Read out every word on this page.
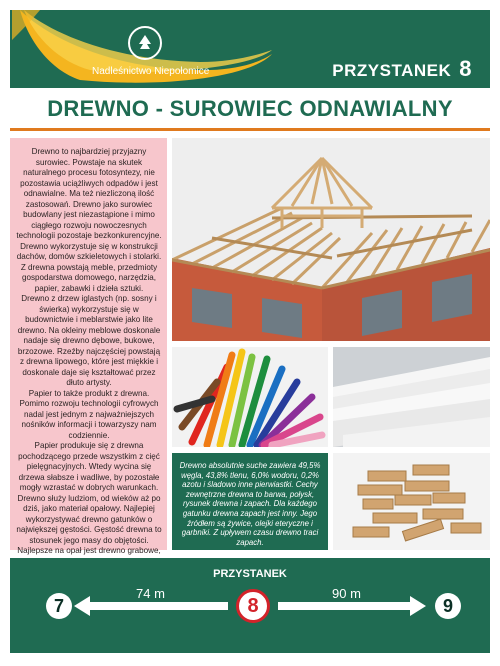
Nadleśnictwo Niepołomice	PRZYSTANEK 8
DREWNO - SUROWIEC ODNAWIALNY

Drewno to najbardziej przyjazny surowiec. Powstaje na skutek naturalnego procesu fotosyntezy, nie pozostawia uciążliwych odpadów i jest odnawialne. Ma też niezliczoną ilość zastosowań. Drewno jako surowiec budowlany jest niezastąpione i mimo ciągłego rozwoju nowoczesnych technologii pozostaje bezkonkurencyjne.

Drewno wykorzystuje się w konstrukcji dachów, domów szkieletowych i stolarki. Z drewna powstają meble, przedmioty gospodarstwa domowego, narzędzia, papier, zabawki i dzieła sztuki.

Drewno z drzew iglastych (np. sosny i świerka) wykorzystuje się w budownictwie i meblarstwie jako lite drewno. Na okleiny meblowe doskonale nadaje się drewno dębowe, bukowe, brzozowe. Rzeźby najczęściej powstają z drewna lipowego, które jest miękkie i doskonale daje się kształtować przez dłuto artysty.

Papier to także produkt z drewna. Pomimo rozwoju technologii cyfrowych nadal jest jednym z najważniejszych nośników informacji i towarzyszy nam codziennie.

Papier produkuje się z drewna pochodzącego przede wszystkim z cięć pielęgnacyjnych. Wtedy wycina się drzewa słabsze i wadliwe, by pozostałe mogły wzrastać w dobrych warunkach.

Drewno służy ludziom, od wieków aż po dziś, jako materiał opałowy. Najlepiej wykorzystywać drewno gatunków o największej gęstości. Gęstość drewna to stosunek jego masy do objętości. Najlepsze na opał jest drewno grabowe,

Drewno absolutnie suche zawiera 49,5% węgla, 43,8% tlenu, 6,0% wodoru, 0,2% azotu i śladowo inne pierwiastki. Cechy zewnętrzne drewna to barwa, połysk, rysunek drewna i zapach. Dla każdego gatunku drewna zapach jest inny. Jego źródłem są żywice, olejki eteryczne i garbniki. Z upływem czasu drewno traci zapach.

PRZYSTANEK
74 m	90 m
7	8	9
